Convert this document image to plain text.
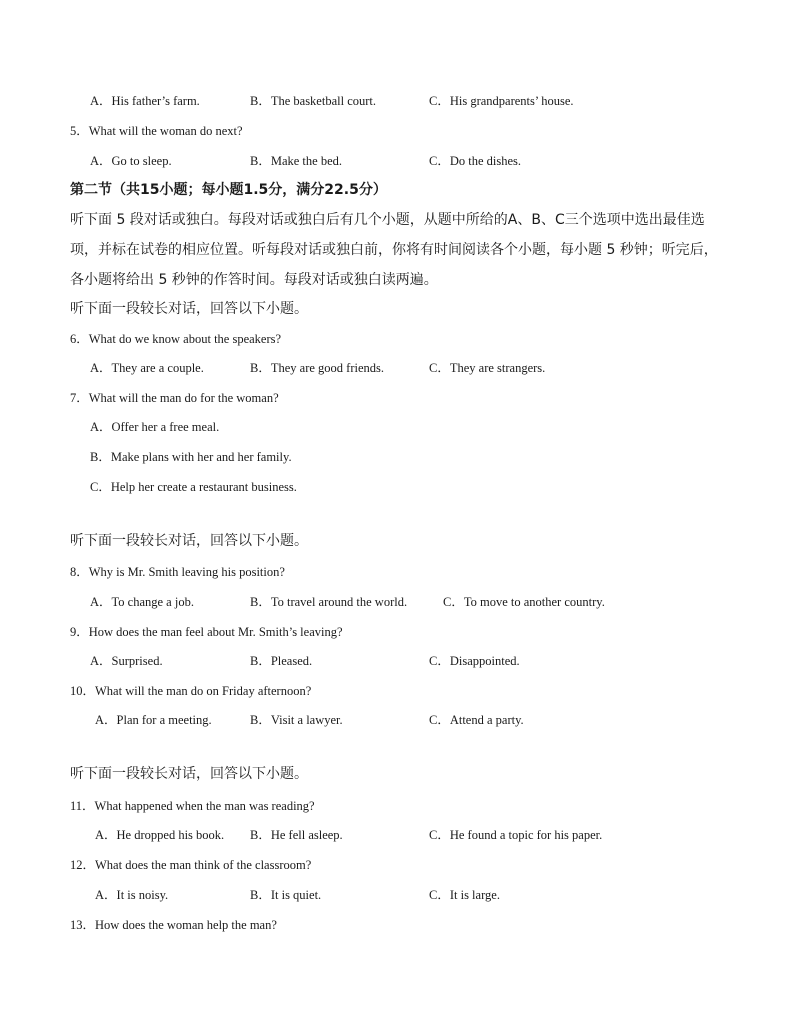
A．His father’s farm.	B．The basketball court.	C．His grandparents’ house.
5．What will the woman do next?
A．Go to sleep.	B．Make the bed.	C．Do the dishes.
第二节（共15小题；每小题1.5分，满分22.5分）
听下面 5 段对话或独白。每段对话或独白后有几个小题，从题中所给的A、B、C三个选项中选出最佳选
项，并标在试卷的相应位置。听每段对话或独白前，你将有时间阅读各个小题，每小题 5 秒钟；听完后，
各小题将给出 5 秒钟的作答时间。每段对话或独白读两遍。
听下面一段较长对话，回答以下小题。
6．What do we know about the speakers?
A．They are a couple.	B．They are good friends.	C．They are strangers.
7．What will the man do for the woman?
A．Offer her a free meal.
B．Make plans with her and her family.
C．Help her create a restaurant business.
听下面一段较长对话，回答以下小题。
8．Why is Mr. Smith leaving his position?
A．To change a job.	B．To travel around the world.	C．To move to another country.
9．How does the man feel about Mr. Smith’s leaving?
A．Surprised.	B．Pleased.	C．Disappointed.
10．What will the man do on Friday afternoon?
A．Plan for a meeting.	B．Visit a lawyer.	C．Attend a party.
听下面一段较长对话，回答以下小题。
11．What happened when the man was reading?
A．He dropped his book. B．He fell asleep.	C．He found a topic for his paper.
12．What does the man think of the classroom?
A．It is noisy.	B．It is quiet.	C．It is large.
13．How does the woman help the man?
